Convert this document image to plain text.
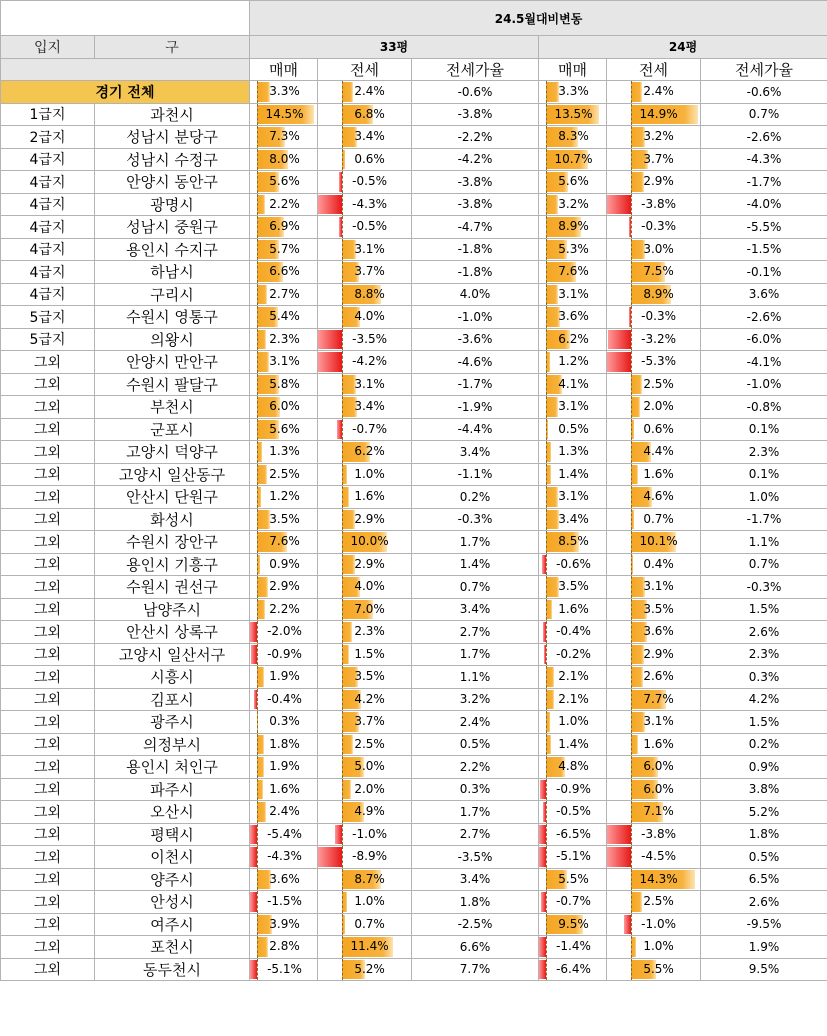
		24.5월대비변동					
입지	구	33평			24평		
		매매	전세	전세가율	매매	전세	전세가율
경기 전체		3.3%	2.4%	-0.6%	3.3%	2.4%	-0.6%
1급지	과천시	14.5%	6.8%	-3.8%	13.5%	14.9%	0.7%
2급지	성남시 분당구	7.3%	3.4%	-2.2%	8.3%	3.2%	-2.6%
4급지	성남시 수정구	8.0%	0.6%	-4.2%	10.7%	3.7%	-4.3%
4급지	안양시 동안구	5.6%	-0.5%	-3.8%	5.6%	2.9%	-1.7%
4급지	광명시	2.2%	-4.3%	-3.8%	3.2%	-3.8%	-4.0%
4급지	성남시 중원구	6.9%	-0.5%	-4.7%	8.9%	-0.3%	-5.5%
4급지	용인시 수지구	5.7%	3.1%	-1.8%	5.3%	3.0%	-1.5%
4급지	하남시	6.6%	3.7%	-1.8%	7.6%	7.5%	-0.1%
4급지	구리시	2.7%	8.8%	4.0%	3.1%	8.9%	3.6%
5급지	수원시 영통구	5.4%	4.0%	-1.0%	3.6%	-0.3%	-2.6%
5급지	의왕시	2.3%	-3.5%	-3.6%	6.2%	-3.2%	-6.0%
그외	안양시 만안구	3.1%	-4.2%	-4.6%	1.2%	-5.3%	-4.1%
그외	수원시 팔달구	5.8%	3.1%	-1.7%	4.1%	2.5%	-1.0%
그외	부천시	6.0%	3.4%	-1.9%	3.1%	2.0%	-0.8%
그외	군포시	5.6%	-0.7%	-4.4%	0.5%	0.6%	0.1%
그외	고양시 덕양구	1.3%	6.2%	3.4%	1.3%	4.4%	2.3%
그외	고양시 일산동구	2.5%	1.0%	-1.1%	1.4%	1.6%	0.1%
그외	안산시 단원구	1.2%	1.6%	0.2%	3.1%	4.6%	1.0%
그외	화성시	3.5%	2.9%	-0.3%	3.4%	0.7%	-1.7%
그외	수원시 장안구	7.6%	10.0%	1.7%	8.5%	10.1%	1.1%
그외	용인시 기흥구	0.9%	2.9%	1.4%	-0.6%	0.4%	0.7%
그외	수원시 권선구	2.9%	4.0%	0.7%	3.5%	3.1%	-0.3%
그외	남양주시	2.2%	7.0%	3.4%	1.6%	3.5%	1.5%
그외	안산시 상록구	-2.0%	2.3%	2.7%	-0.4%	3.6%	2.6%
그외	고양시 일산서구	-0.9%	1.5%	1.7%	-0.2%	2.9%	2.3%
그외	시흥시	1.9%	3.5%	1.1%	2.1%	2.6%	0.3%
그외	김포시	-0.4%	4.2%	3.2%	2.1%	7.7%	4.2%
그외	광주시	0.3%	3.7%	2.4%	1.0%	3.1%	1.5%
그외	의정부시	1.8%	2.5%	0.5%	1.4%	1.6%	0.2%
그외	용인시 처인구	1.9%	5.0%	2.2%	4.8%	6.0%	0.9%
그외	파주시	1.6%	2.0%	0.3%	-0.9%	6.0%	3.8%
그외	오산시	2.4%	4.9%	1.7%	-0.5%	7.1%	5.2%
그외	평택시	-5.4%	-1.0%	2.7%	-6.5%	-3.8%	1.8%
그외	이천시	-4.3%	-8.9%	-3.5%	-5.1%	-4.5%	0.5%
그외	양주시	3.6%	8.7%	3.4%	5.5%	14.3%	6.5%
그외	안성시	-1.5%	1.0%	1.8%	-0.7%	2.5%	2.6%
그외	여주시	3.9%	0.7%	-2.5%	9.5%	-1.0%	-9.5%
그외	포천시	2.8%	11.4%	6.6%	-1.4%	1.0%	1.9%
그외	동두천시	-5.1%	5.2%	7.7%	-6.4%	5.5%	9.5%
